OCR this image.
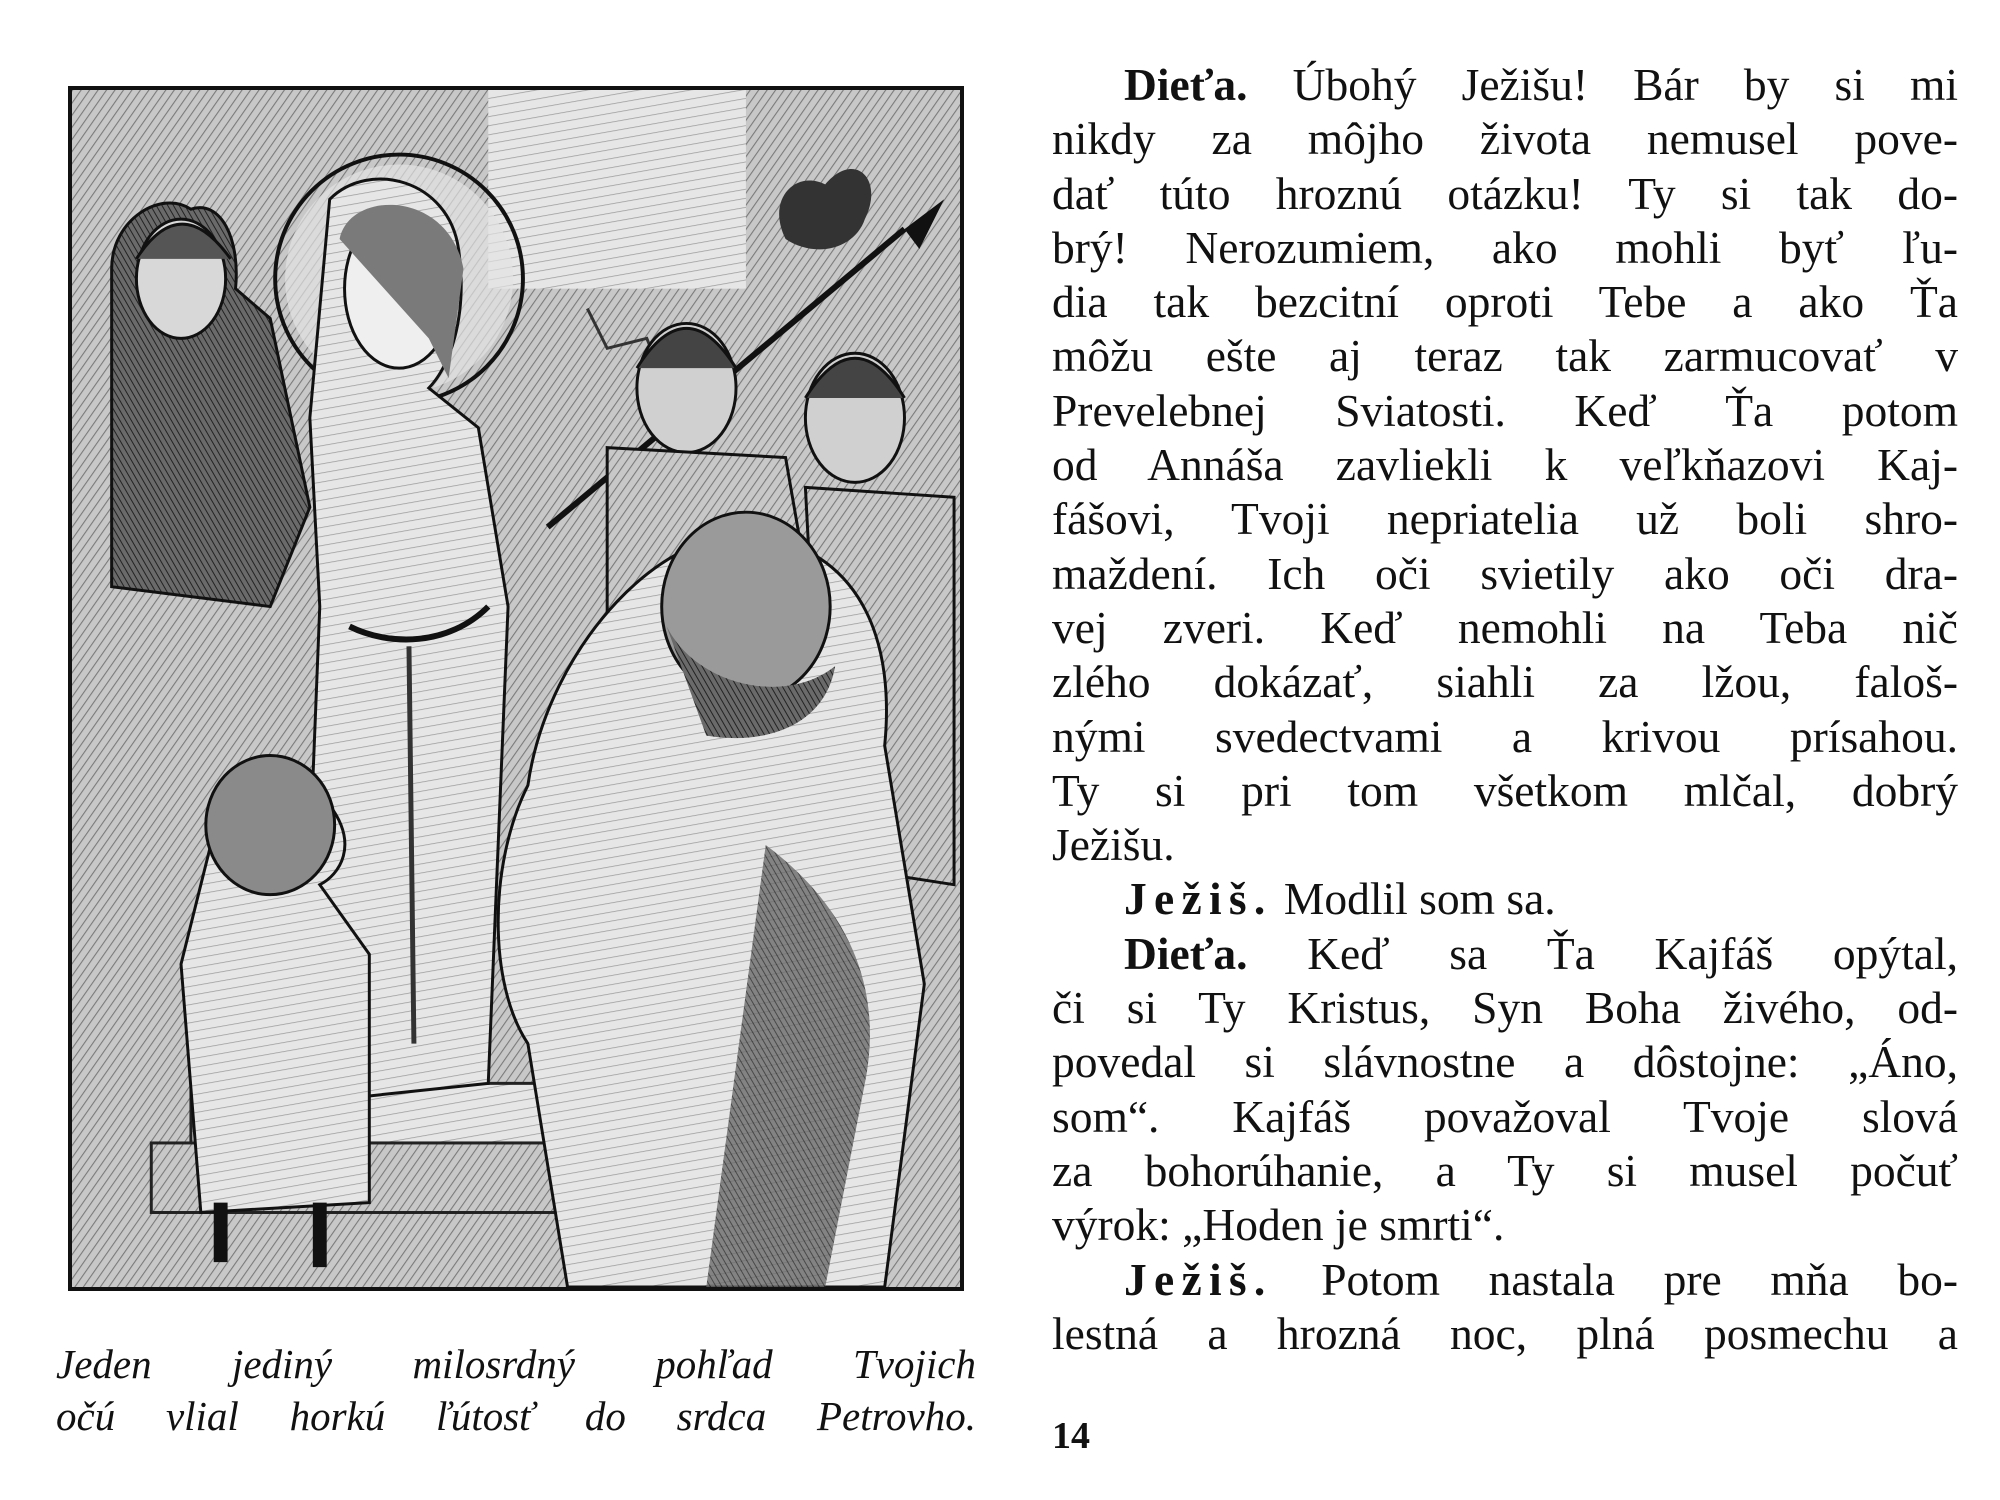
Jeden jediný milosrdný pohľad Tvojich
očú vlial horkú ľútosť do srdca Petrovho.
Dieťa. Úbohý Ježišu! Bár by si mi
nikdy za môjho života nemusel pove-
dať túto hroznú otázku! Ty si tak do-
brý! Nerozumiem, ako mohli byť ľu-
dia tak bezcitní oproti Tebe a ako Ťa
môžu ešte aj teraz tak zarmucovať v
Prevelebnej Sviatosti. Keď Ťa potom
od Annáša zavliekli k veľkňazovi Kaj-
fášovi, Tvoji nepriatelia už boli shro-
maždení. Ich oči svietily ako oči dra-
vej zveri. Keď nemohli na Teba nič
zlého dokázať, siahli za lžou, faloš-
nými svedectvami a krivou prísahou.
Ty si pri tom všetkom mlčal, dobrý
Ježišu.
Ježiš. Modlil som sa.
Dieťa. Keď sa Ťa Kajfáš opýtal,
či si Ty Kristus, Syn Boha živého, od-
povedal si slávnostne a dôstojne: „Áno,
som“. Kajfáš považoval Tvoje slová
za bohorúhanie, a Ty si musel počuť
výrok: „Hoden je smrti“.
Ježiš. Potom nastala pre mňa bo-
lestná a hrozná noc, plná posmechu a
14
